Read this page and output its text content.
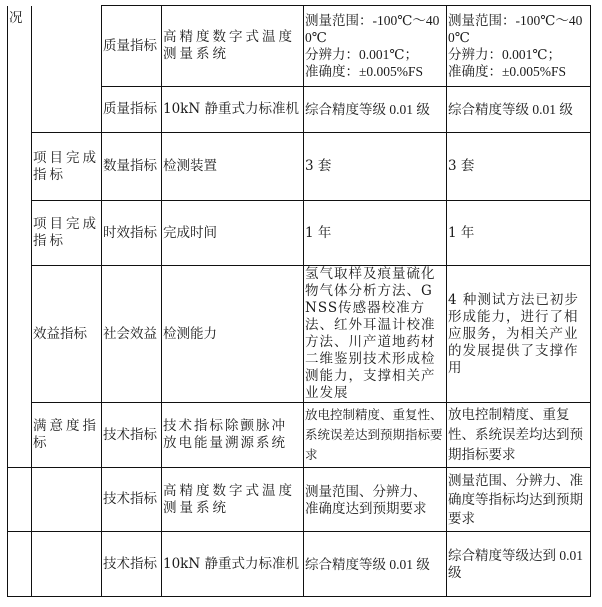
况		质量指标	高精度数字式温度测量系统	测量范围：-100℃～400℃
分辨力：0.001℃；
准确度：±0.005%FS	测量范围：-100℃～400℃
分辨力：0.001℃；
准确度：±0.005%FS

		质量指标	10kN 静重式力标准机	综合精度等级 0.01 级	综合精度等级 0.01 级
	项目完成指标	数量指标	检测装置	3 套	3 套
	项目完成指标	时效指标	完成时间	1 年	1 年
	效益指标	社会效益	检测能力	氢气取样及痕量硫化物气体分析方法、GNSS传感器校准方法、红外耳温计校准方法、川产道地药材二维鉴别技术形成检测能力，支撑相关产业发展	4 种测试方法已初步形成能力，进行了相应服务，为相关产业的发展提供了支撑作用
	满意度指标	技术指标	技术指标除颤脉冲放电能量溯源系统	放电控制精度、重复性、系统误差达到预期指标要求	放电控制精度、重复性、系统误差均达到预期指标要求
		技术指标	高精度数字式温度测量系统	测量范围、分辨力、
准确度达到预期要求	测量范围、分辨力、准确度等指标均达到预期要求
		技术指标	10kN 静重式力标准机	综合精度等级 0.01 级	综合精度等级达到 0.01 级
